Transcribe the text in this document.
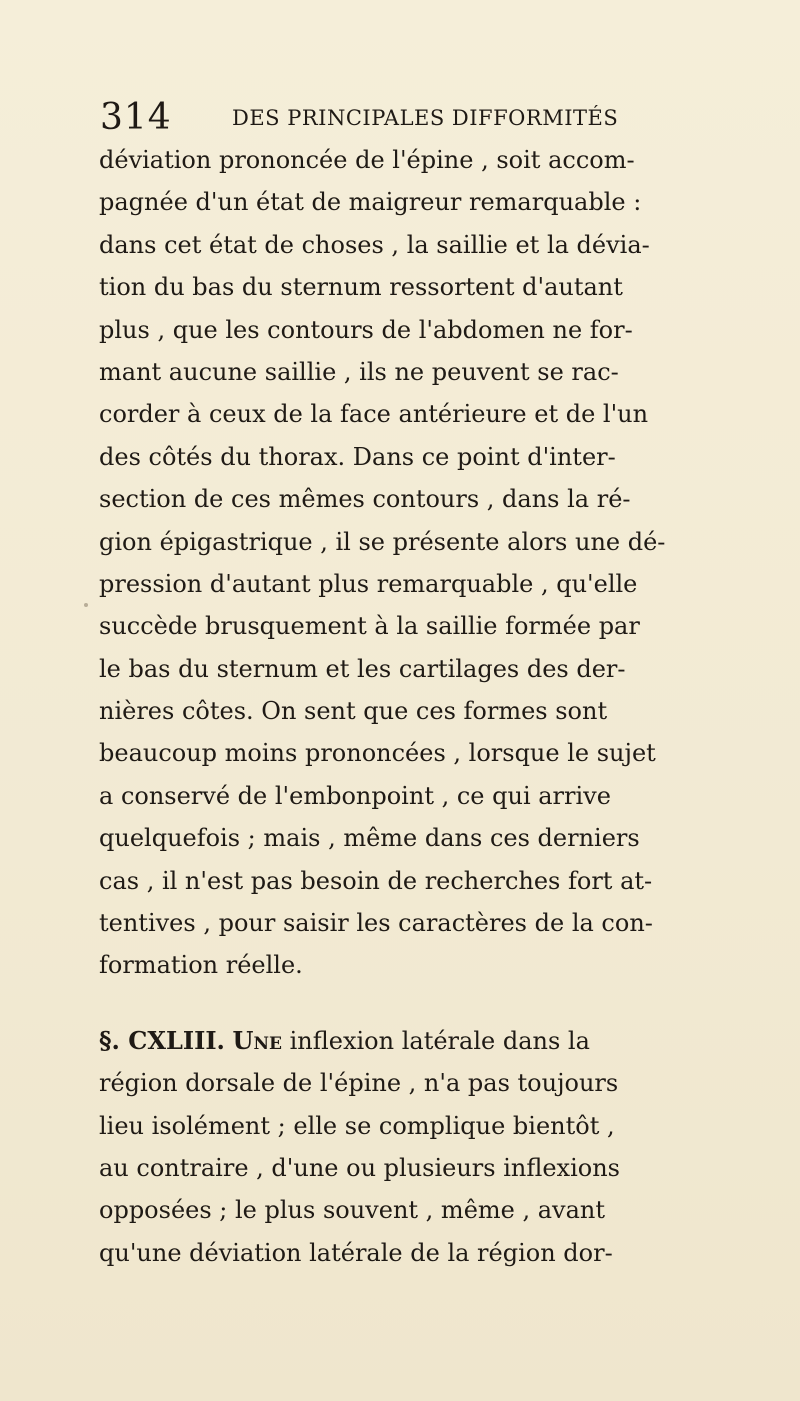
314	DES PRINCIPALES DIFFORMITÉS
déviation prononcée de l'épine , soit accom-
pagnée d'un état de maigreur remarquable :
dans cet état de choses , la saillie et la dévia-
tion du bas du sternum ressortent d'autant
plus , que les contours de l'abdomen ne for-
mant aucune saillie , ils ne peuvent se rac-
corder à ceux de la face antérieure et de l'un
des côtés du thorax. Dans ce point d'inter-
section de ces mêmes contours , dans la ré-
gion épigastrique , il se présente alors une dé-
pression d'autant plus remarquable , qu'elle
succède brusquement à la saillie formée par
le bas du sternum et les cartilages des der-
nières côtes. On sent que ces formes sont
beaucoup moins prononcées , lorsque le sujet
a conservé de l'embonpoint , ce qui arrive
quelquefois ; mais , même dans ces derniers
cas , il n'est pas besoin de recherches fort at-
tentives , pour saisir les caractères de la con-
formation réelle.
§. CXLIII. Une inflexion latérale dans la
région dorsale de l'épine , n'a pas toujours
lieu isolément ; elle se complique bientôt ,
au contraire , d'une ou plusieurs inflexions
opposées ; le plus souvent , même , avant
qu'une déviation latérale de la région dor-
